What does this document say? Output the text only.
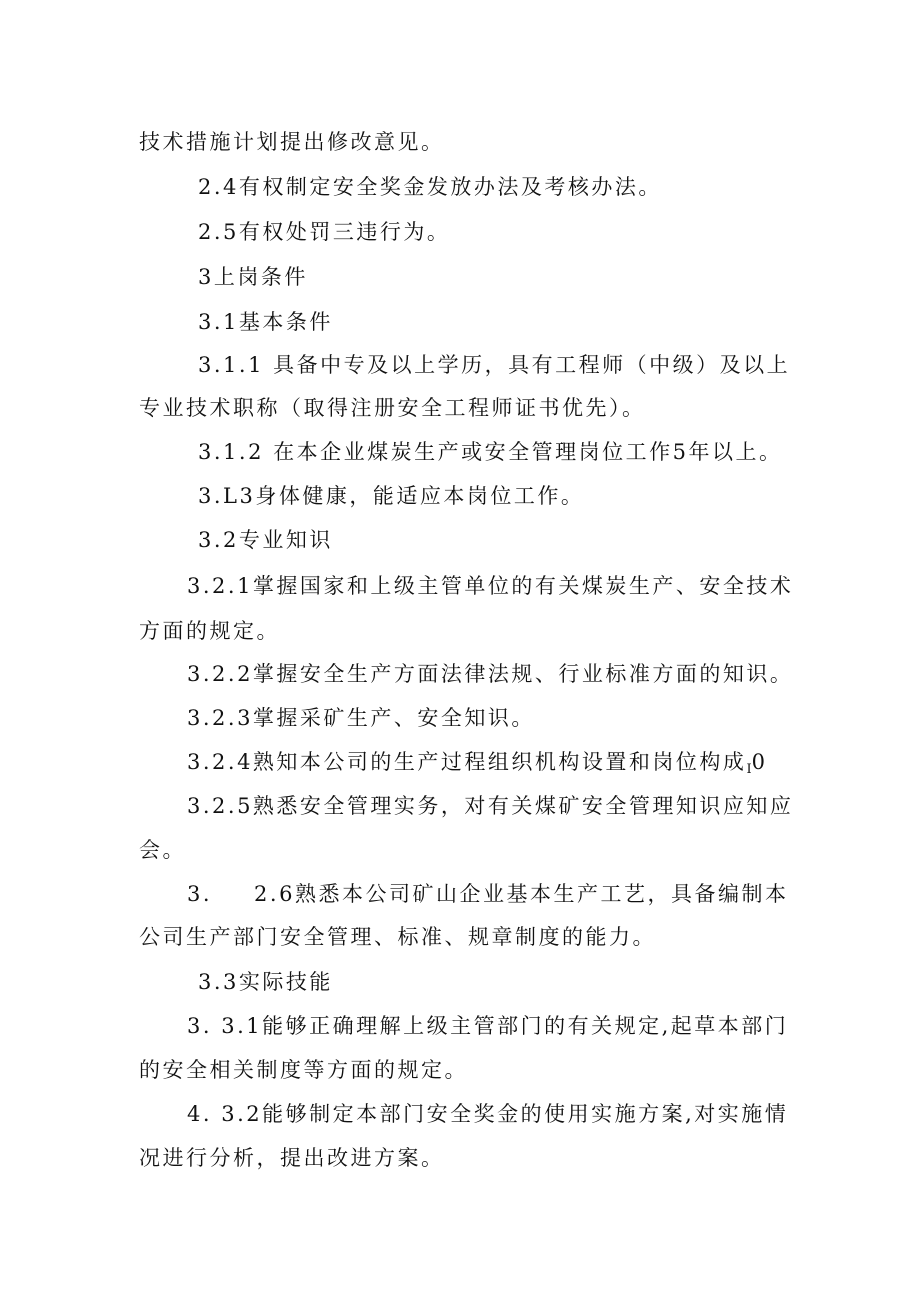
技术措施计划提出修改意见。
2.4有权制定安全奖金发放办法及考核办法。
2.5有权处罚三违行为。
3上岗条件
3.1基本条件
3.1.1 具备中专及以上学历，具有工程师（中级）及以上
专业技术职称（取得注册安全工程师证书优先）。
3.1.2 在本企业煤炭生产或安全管理岗位工作5年以上。
3.L3身体健康，能适应本岗位工作。
3.2专业知识
3.2.1掌握国家和上级主管单位的有关煤炭生产、安全技术
方面的规定。
3.2.2掌握安全生产方面法律法规、行业标准方面的知识。
3.2.3掌握采矿生产、安全知识。
3.2.4熟知本公司的生产过程组织机构设置和岗位构成I0
3.2.5熟悉安全管理实务，对有关煤矿安全管理知识应知应
会。
3. 2.6熟悉本公司矿山企业基本生产工艺，具备编制本
公司生产部门安全管理、标准、规章制度的能力。
3.3实际技能
3. 3.1能够正确理解上级主管部门的有关规定,起草本部门
的安全相关制度等方面的规定。
4. 3.2能够制定本部门安全奖金的使用实施方案,对实施情
况进行分析，提出改进方案。
